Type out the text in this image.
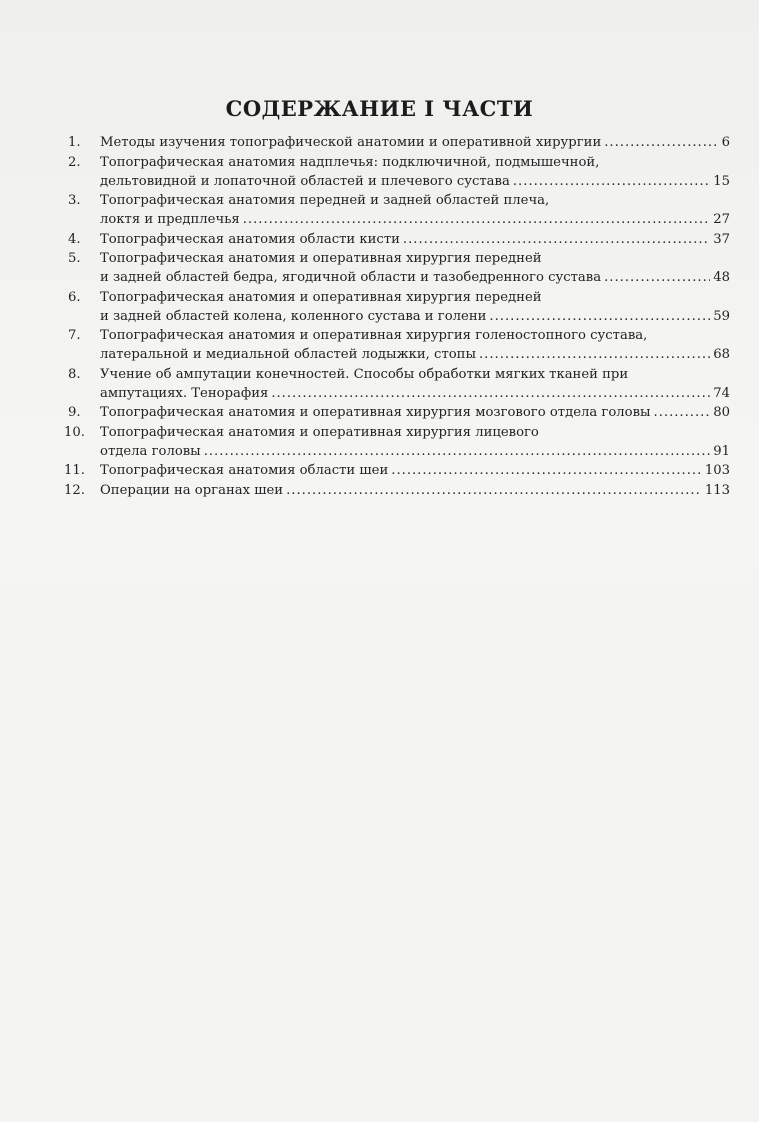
СОДЕРЖАНИЕ I ЧАСТИ
1.	Методы изучения топографической анатомии и оперативной хирургии . . .	6
2.	Топографическая анатомия надплечья: подключичной, подмышечной,
дельтовидной и лопаточной областей и плечевого сустава . . .	15
3.	Топографическая анатомия передней и задней областей плеча,
локтя и предплечья . . .	27
4.	Топографическая анатомия области кисти . . .	37
5.	Топографическая анатомия и оперативная хирургия передней
и задней областей бедра, ягодичной области и тазобедренного сустава . . .	48
6.	Топографическая анатомия и оперативная хирургия передней
и задней областей колена, коленного сустава и голени . . .	59
7.	Топографическая анатомия и оперативная хирургия голеностопного сустава,
латеральной и медиальной областей лодыжки, стопы . . .	68
8.	Учение об ампутации конечностей. Способы обработки мягких тканей при
ампутациях. Тенорафия . . .	74
9.	Топографическая анатомия и оперативная хирургия мозгового отдела головы . . .	80
10.	Топографическая анатомия и оперативная хирургия лицевого
отдела головы . . .	91
11.	Топографическая анатомия области шеи . . .	103
12.	Операции на органах шеи . . .	113
